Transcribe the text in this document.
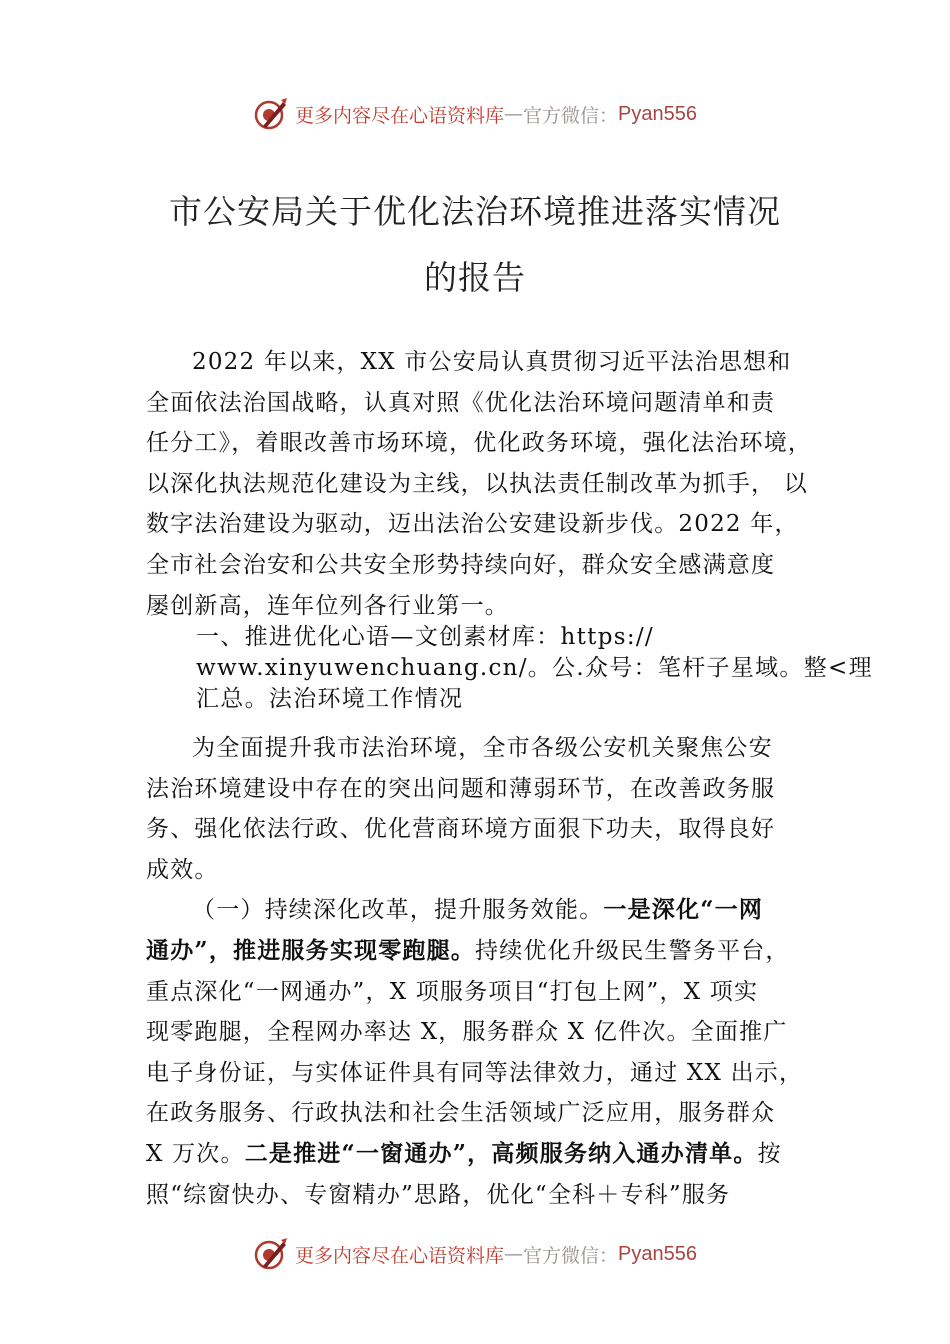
更多内容尽在心语资料库 — 官方微信： Pyan556
市公安局关于优化法治环境推进落实情况
的报告
2022 年以来，XX 市公安局认真贯彻习近平法治思想和
全面依法治国战略，认真对照《优化法治环境问题清单和责
任分工》，着眼改善市场环境，优化政务环境，强化法治环境，
以深化执法规范化建设为主线，以执法责任制改革为抓手， 以
数字法治建设为驱动，迈出法治公安建设新步伐。2022 年，
全市社会治安和公共安全形势持续向好，群众安全感满意度
屡创新高，连年位列各行业第一。
一、推进优化心语—文创素材库：https://
www.xinyuwenchuang.cn/。公.众号：笔杆子星域。整<理
汇总。法治环境工作情况
为全面提升我市法治环境，全市各级公安机关聚焦公安
法治环境建设中存在的突出问题和薄弱环节，在改善政务服
务、强化依法行政、优化营商环境方面狠下功夫，取得良好
成效。
（一）持续深化改革，提升服务效能。一是深化“一网
通办”，推进服务实现零跑腿。持续优化升级民生警务平台，
重点深化“一网通办”，X 项服务项目“打包上网”，X 项实
现零跑腿，全程网办率达 X，服务群众 X 亿件次。全面推广
电子身份证，与实体证件具有同等法律效力，通过 XX 出示，
在政务服务、行政执法和社会生活领域广泛应用，服务群众
X 万次。二是推进“一窗通办”，高频服务纳入通办清单。按
照“综窗快办、专窗精办”思路，优化“全科＋专科”服务
更多内容尽在心语资料库 — 官方微信： Pyan556
